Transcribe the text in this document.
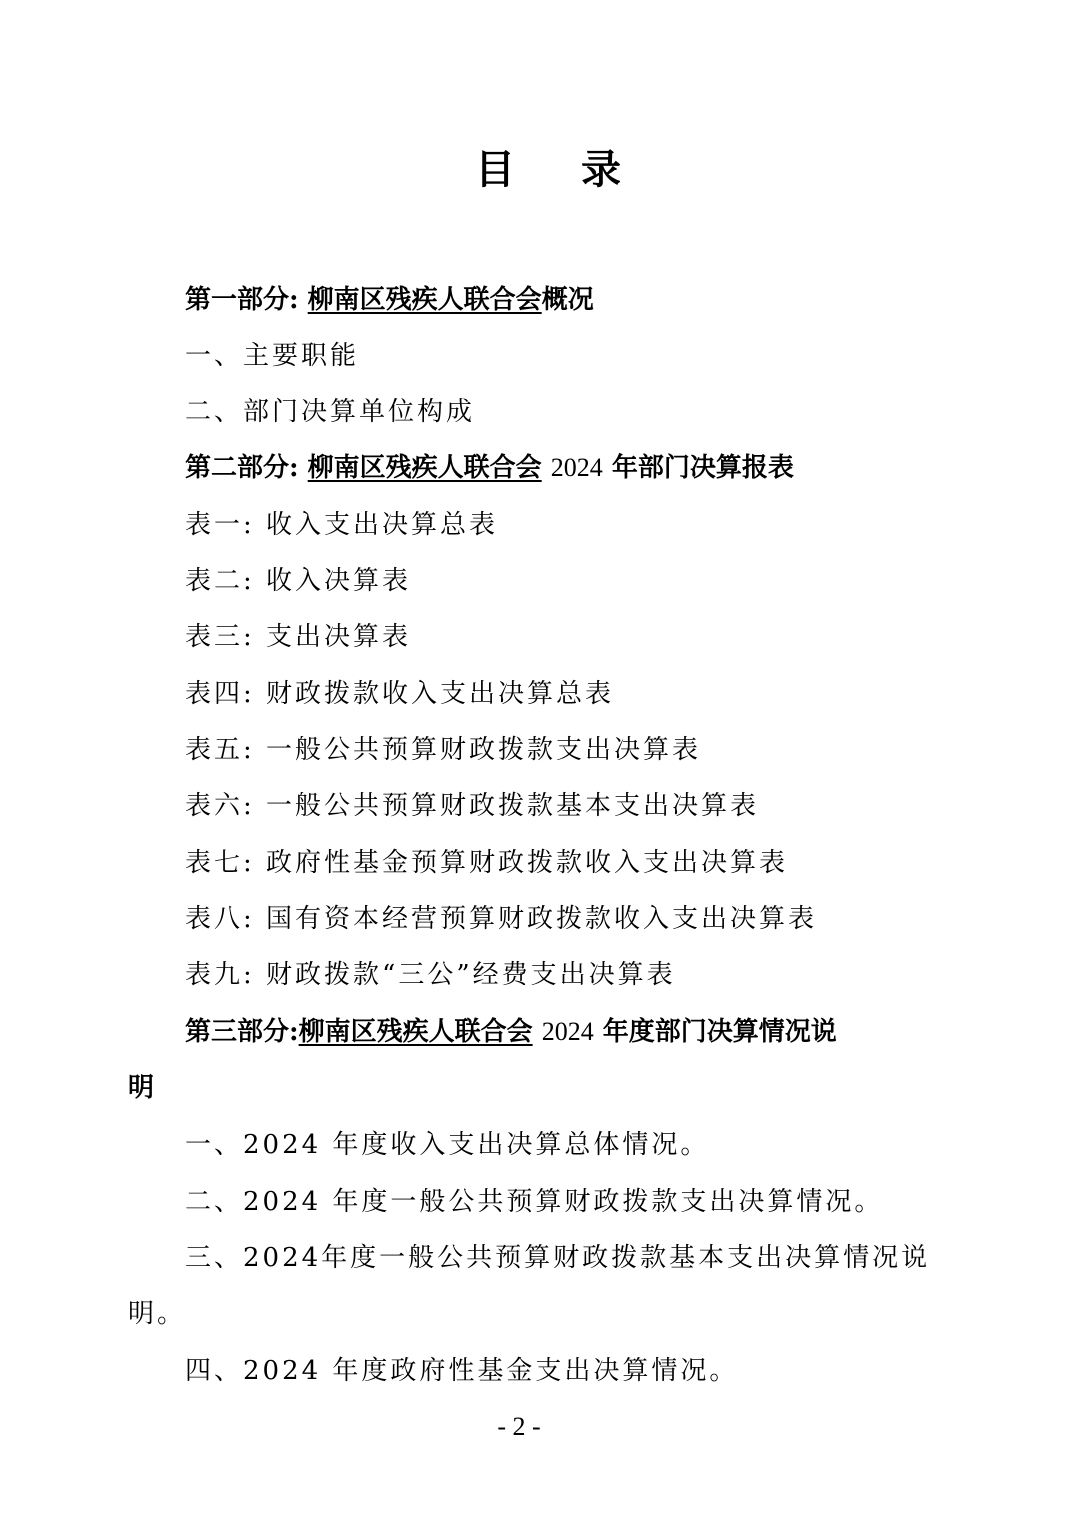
目 录
第一部分: 柳南区残疾人联合会概况
一、主要职能
二、部门决算单位构成
第二部分: 柳南区残疾人联合会 2024 年部门决算报表
表一: 收入支出决算总表
表二: 收入决算表
表三: 支出决算表
表四: 财政拨款收入支出决算总表
表五: 一般公共预算财政拨款支出决算表
表六: 一般公共预算财政拨款基本支出决算表
表七: 政府性基金预算财政拨款收入支出决算表
表八: 国有资本经营预算财政拨款收入支出决算表
表九: 财政拨款“三公”经费支出决算表
第三部分:柳南区残疾人联合会 2024 年度部门决算情况说
明
一、2024 年度收入支出决算总体情况。
二、2024 年度一般公共预算财政拨款支出决算情况。
三、2024年度一般公共预算财政拨款基本支出决算情况说
明。
四、2024 年度政府性基金支出决算情况。
- 2 -
